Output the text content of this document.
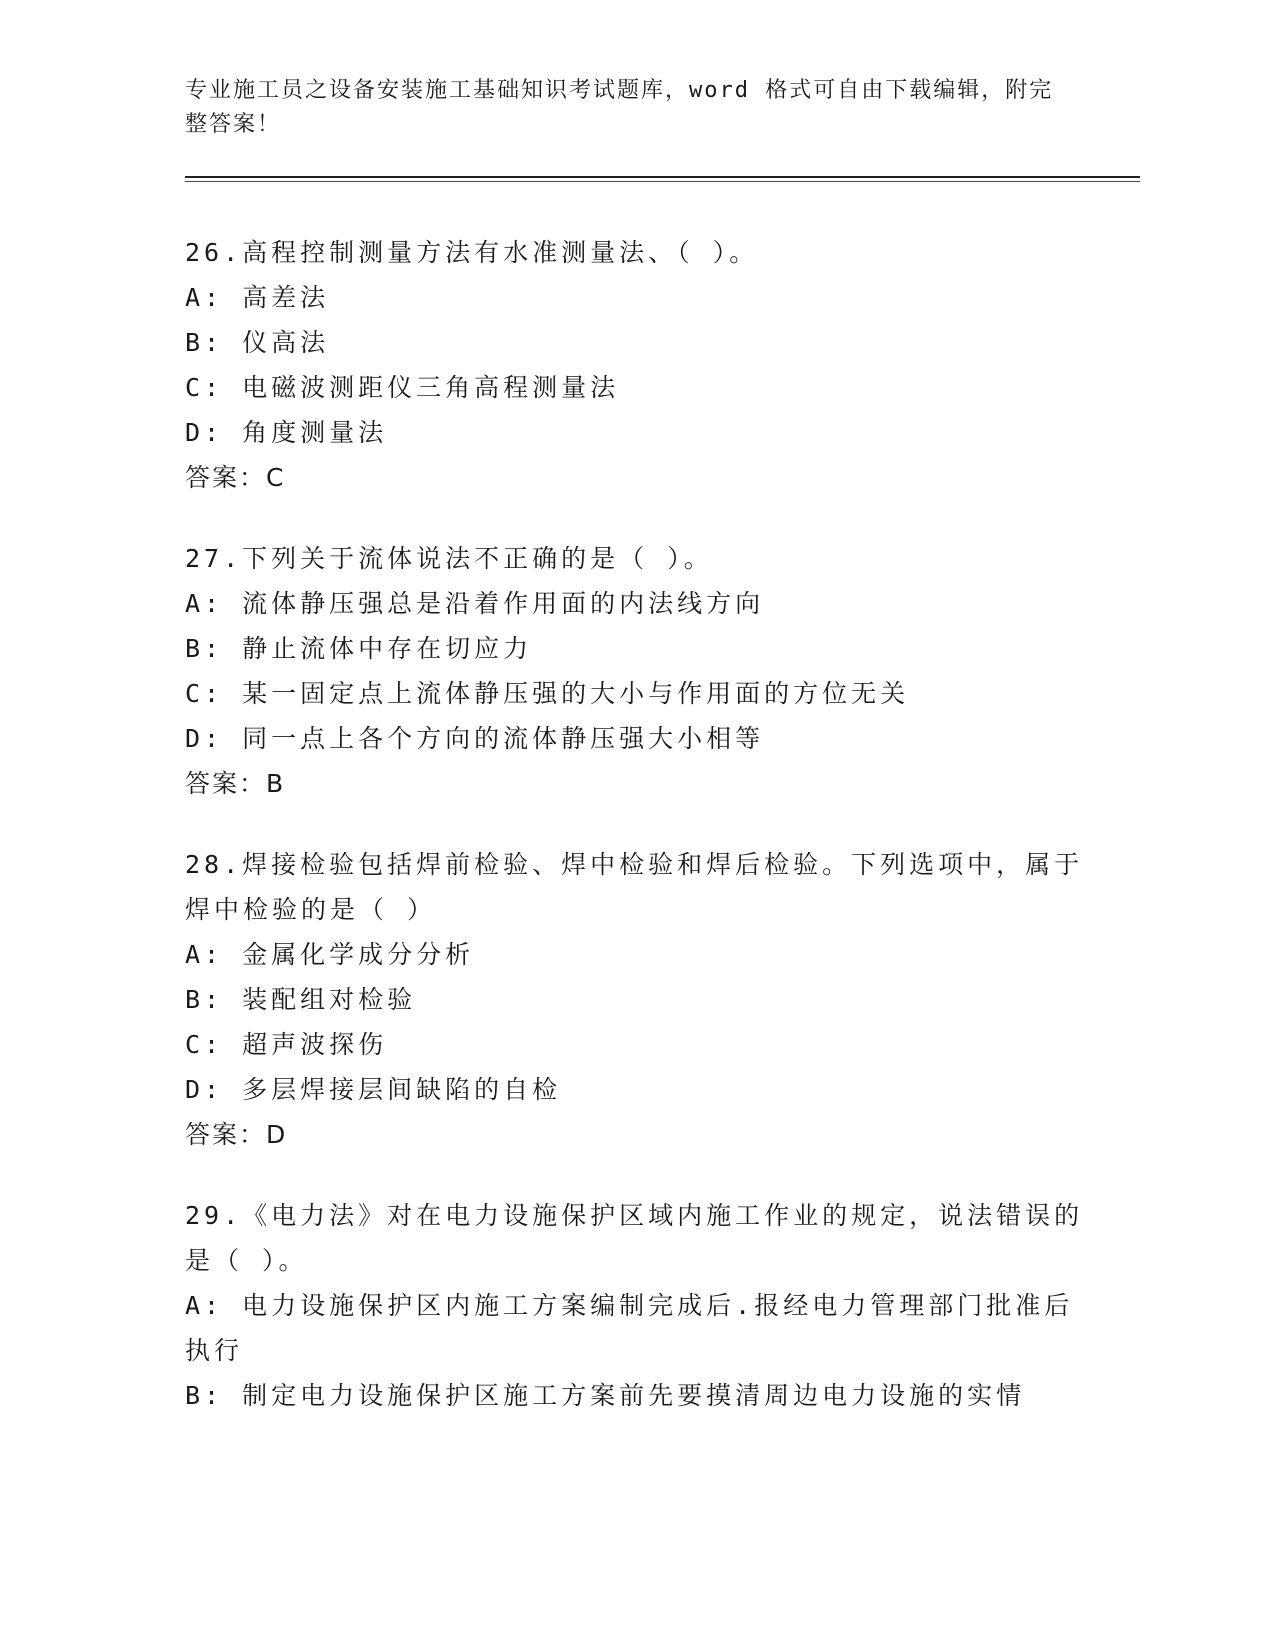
专业施工员之设备安装施工基础知识考试题库，word 格式可自由下载编辑，附完
整答案！
26.高程控制测量方法有水准测量法、（ ）。
A: 高差法
B: 仪高法
C: 电磁波测距仪三角高程测量法
D: 角度测量法
答案：C
27.下列关于流体说法不正确的是（ ）。
A: 流体静压强总是沿着作用面的内法线方向
B: 静止流体中存在切应力
C: 某一固定点上流体静压强的大小与作用面的方位无关
D: 同一点上各个方向的流体静压强大小相等
答案：B
28.焊接检验包括焊前检验、焊中检验和焊后检验。下列选项中，属于
焊中检验的是（ ）
A: 金属化学成分分析
B: 装配组对检验
C: 超声波探伤
D: 多层焊接层间缺陷的自检
答案：D
29.《电力法》对在电力设施保护区域内施工作业的规定，说法错误的
是（ ）。
A: 电力设施保护区内施工方案编制完成后.报经电力管理部门批准后
执行
B: 制定电力设施保护区施工方案前先要摸清周边电力设施的实情
